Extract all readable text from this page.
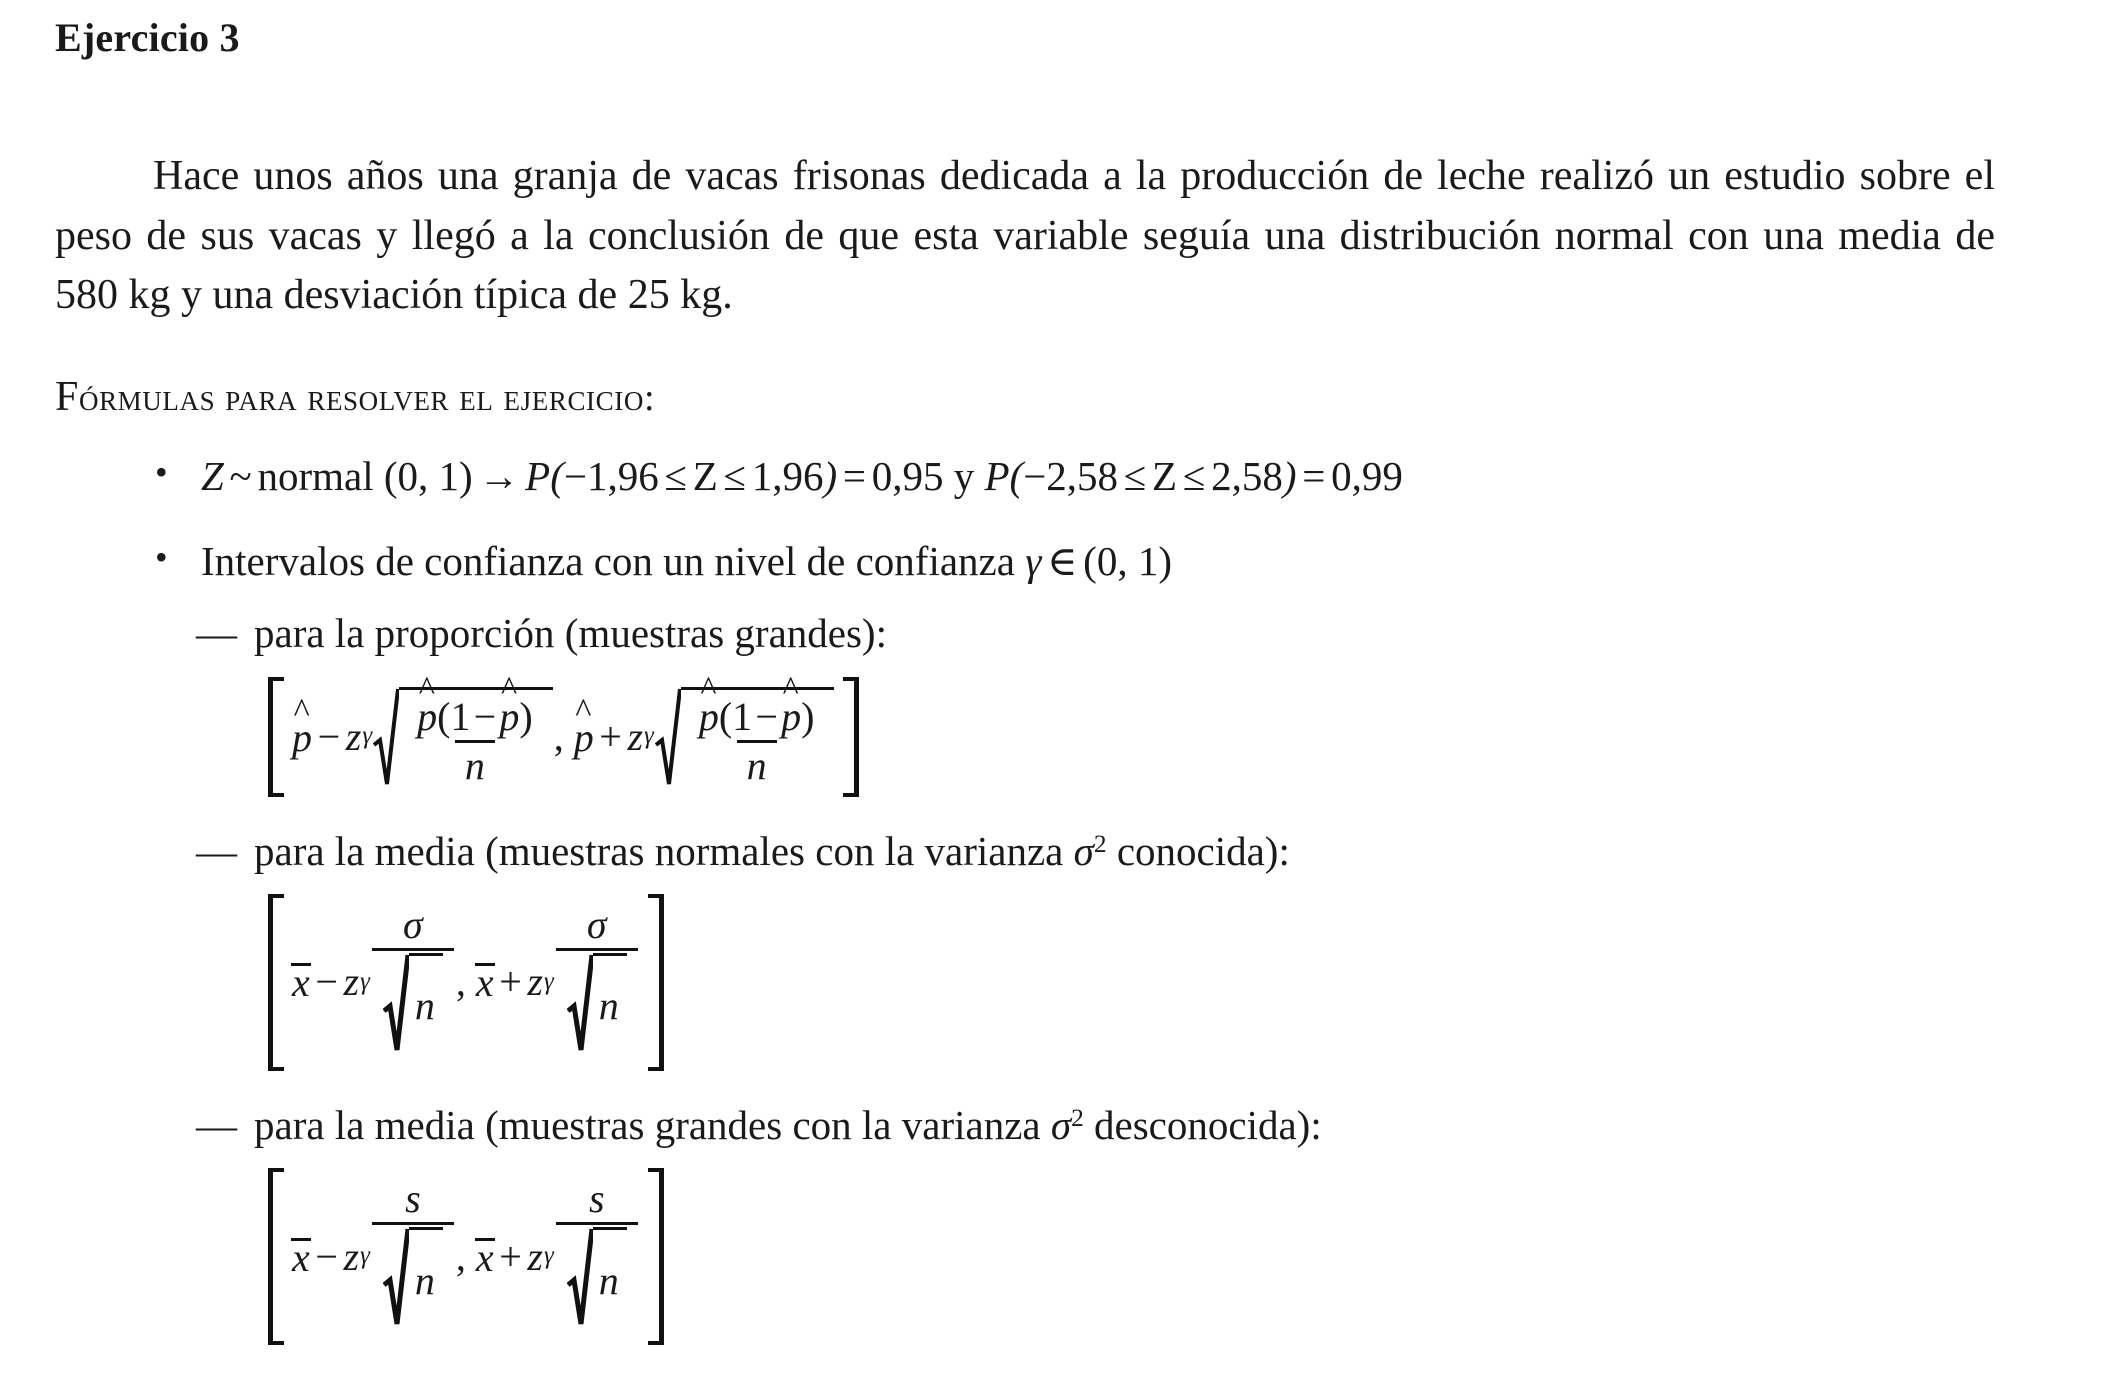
Ejercicio 3

Hace unos años una granja de vacas frisonas dedicada a la producción de leche realizó un estudio sobre el peso de sus vacas y llegó a la conclusión de que esta variable seguía una distribución normal con una media de 580 kg y una desviación típica de 25 kg.

Fórmulas para resolver el ejercicio:
• Z ~ normal (0, 1) → P(−1,96 ≤ Z ≤ 1,96) = 0,95 y P(−2,58 ≤ Z ≤ 2,58) = 0,99
• Intervalos de confianza con un nivel de confianza γ ∈ (0, 1)
— para la proporción (muestras grandes):
^ p − z γ ^ $\frac{p(1-\^{} p)}{n}$ ,
^ p + z γ ^ $\frac{p(1-\^{} p)}{n}$
— para la media (muestras normales con la varianza $\sigma^2$ conocida):
x − z γ $\frac{\sigma}{n}$ ,
x + z γ $\frac{\sigma}{n}$
— para la media (muestras grandes con la varianza $\sigma^2$ desconocida):
x − z γ $\frac{s}{n}$ ,
x + z γ $\frac{s}{n}$
